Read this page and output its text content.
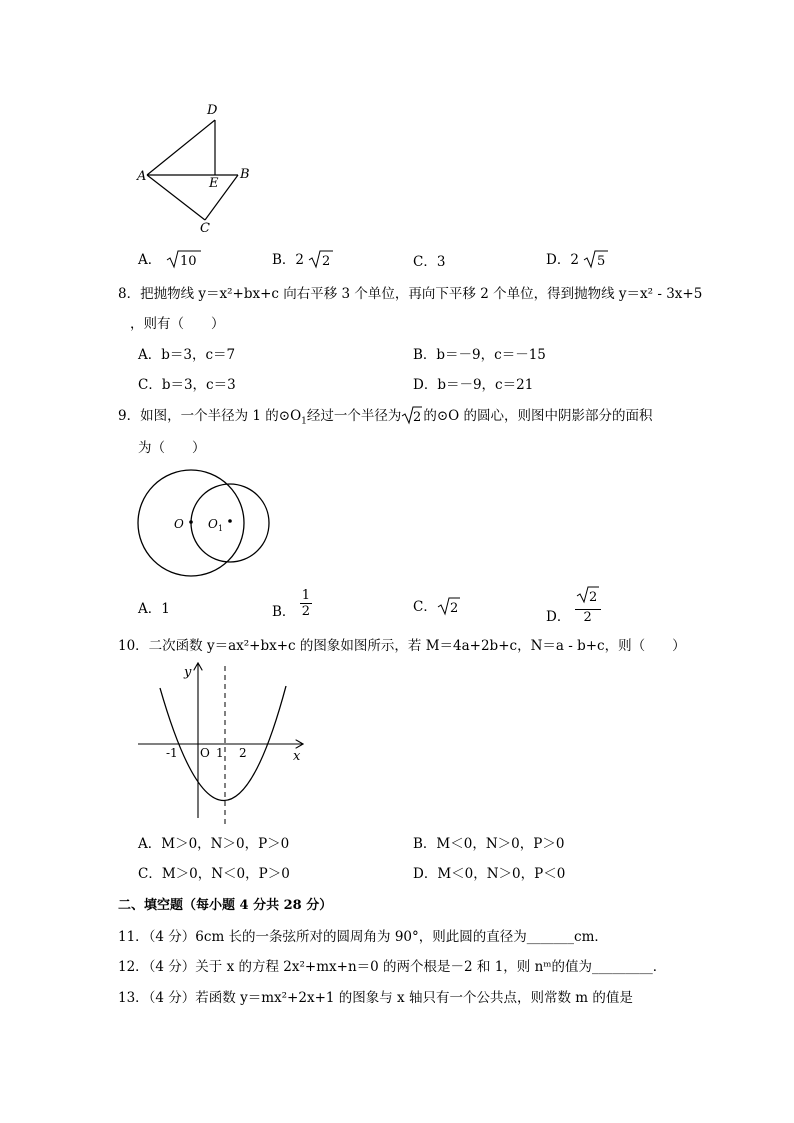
D
A	E
B
C
A． 10	B．2 2	C．3	D．2 5
8．把抛物线 y＝x²+bx+c 向右平移 3 个单位，再向下平移 2 个单位，得到抛物线 y＝x² ‐ 3x+5
，则有（　　）
A．b＝3，c＝7	B．b＝－9，c＝－15
C．b＝3，c＝3	D．b＝－9，c＝21
9．如图，一个半径为 1 的$⊙O_1$经过一个半径为 2 的⊙O 的圆心，则图中阴影部分的面积
为（　　）
O O 1
A．1	B． $\frac{1}{2}$	C． 2	D． $\frac{2}{2}$
10．二次函数 y＝ax²+bx+c 的图象如图所示，若 M＝4a+2b+c，N＝a ‐ b+c，则（　　）
y
x
-1 O 1 2
A．M＞0，N＞0，P＞0	B．M＜0，N＞0，P＞0
C．M＞0，N＜0，P＞0	D．M＜0，N＞0，P＜0
二、填空题（每小题 4 分共 28 分）
11．（4 分）6cm 长的一条弦所对的圆周角为 90°，则此圆的直径为_______cm．
12．（4 分）关于 x 的方程 2x²+mx+n＝0 的两个根是－2 和 1，则 nᵐ的值为_________．
13．（4 分）若函数 y＝mx²+2x+1 的图象与 x 轴只有一个公共点，则常数 m 的值是
